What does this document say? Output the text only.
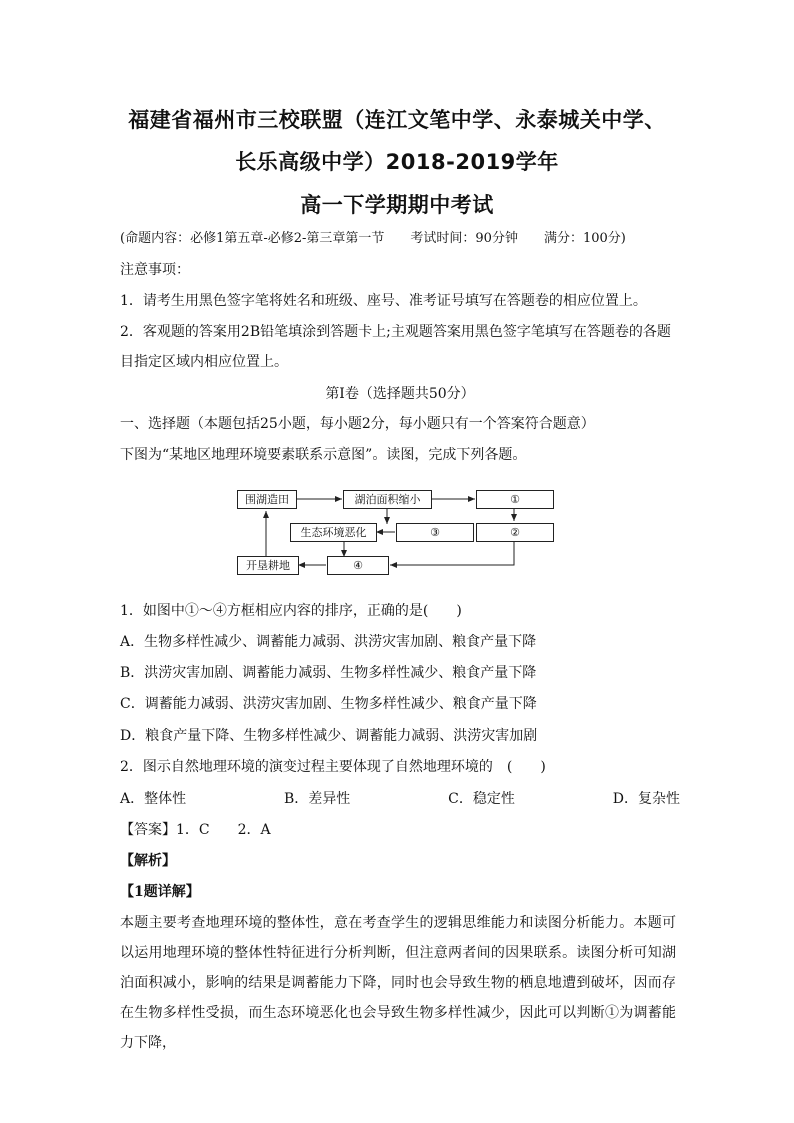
福建省福州市三校联盟（连江文笔中学、永泰城关中学、
长乐高级中学）2018-2019学年
高一下学期期中考试
(命题内容：必修1第五章-必修2-第三章第一节　　考试时间：90分钟　　满分：100分)
注意事项：
1．请考生用黑色签字笔将姓名和班级、座号、准考证号填写在答题卷的相应位置上。
2．客观题的答案用2B铅笔填涂到答题卡上;主观题答案用黑色签字笔填写在答题卷的各题
目指定区域内相应位置上。
第Ⅰ卷（选择题共50分）
一、选择题（本题包括25小题，每小题2分，每小题只有一个答案符合题意）
下图为“某地区地理环境要素联系示意图”。读图，完成下列各题。
围湖造田	湖泊面积缩小	①
生态环境恶化	③	②
开垦耕地	④
1．如图中①～④方框相应内容的排序，正确的是(　　)
A．生物多样性减少、调蓄能力减弱、洪涝灾害加剧、粮食产量下降
B．洪涝灾害加剧、调蓄能力减弱、生物多样性减少、粮食产量下降
C．调蓄能力减弱、洪涝灾害加剧、生物多样性减少、粮食产量下降
D．粮食产量下降、生物多样性减少、调蓄能力减弱、洪涝灾害加剧
2．图示自然地理环境的演变过程主要体现了自然地理环境的　(　　)
A．整体性	B．差异性	C．稳定性	D．复杂性
【答案】1．C　　2．A
【解析】
【1题详解】
本题主要考查地理环境的整体性，意在考查学生的逻辑思维能力和读图分析能力。本题可以运用地理环境的整体性特征进行分析判断，但注意两者间的因果联系。读图分析可知湖泊面积减小，影响的结果是调蓄能力下降，同时也会导致生物的栖息地遭到破坏，因而存在生物多样性受损，而生态环境恶化也会导致生物多样性减少，因此可以判断①为调蓄能力下降，
